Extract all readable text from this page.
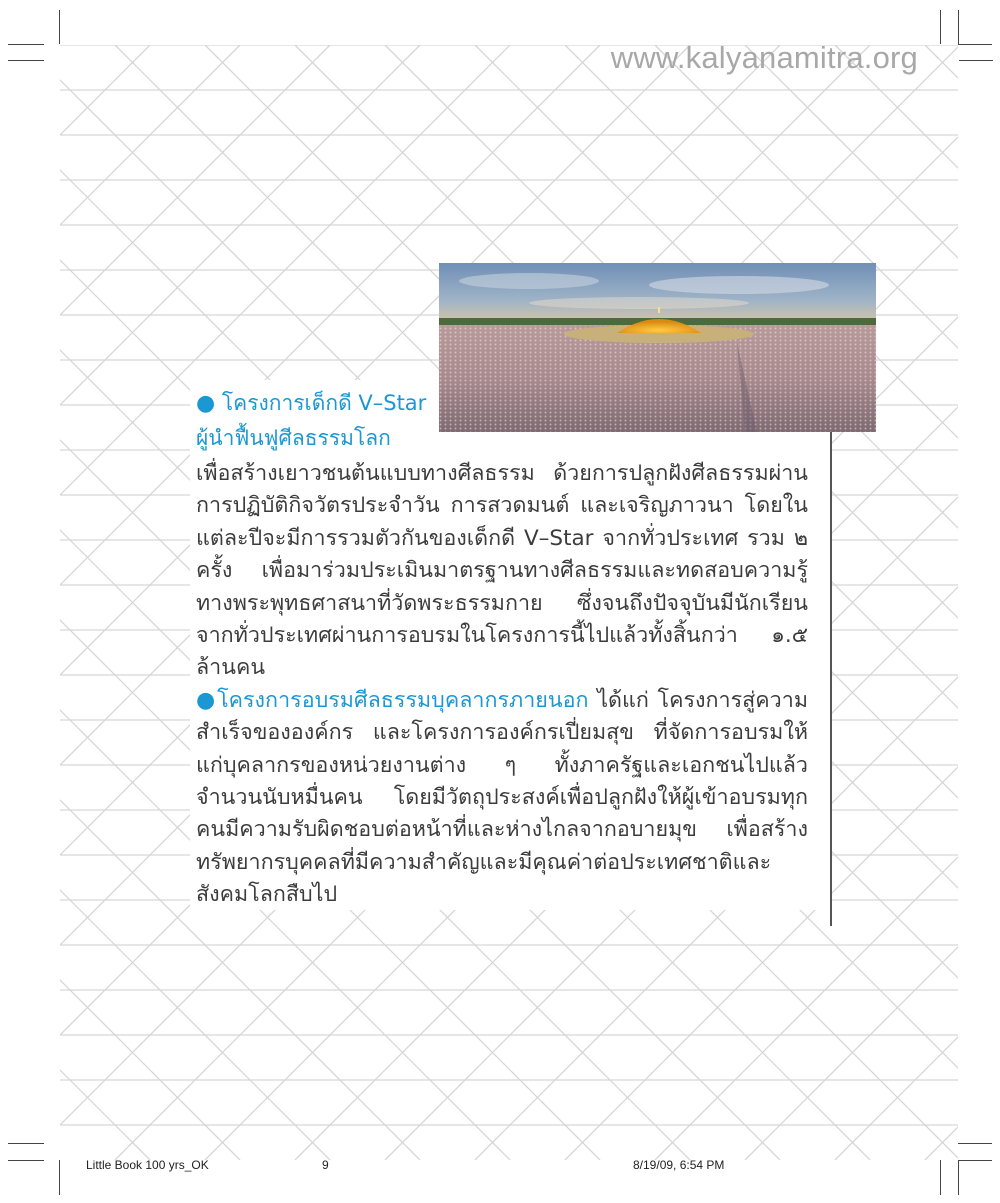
www.kalyanamitra.org
● โครงการเด็กดี V–Star
ผู้นำฟื้นฟูศีลธรรมโลก

เพื่อสร้างเยาวชนต้นแบบทางศีลธรรม ด้วยการปลูกฝังศีลธรรมผ่านการปฏิบัติกิจวัตรประจำวัน การสวดมนต์ และเจริญภาวนา โดยในแต่ละปีจะมีการรวมตัวกันของเด็กดี V–Star จากทั่วประเทศ รวม ๒ ครั้ง เพื่อมาร่วมประเมินมาตรฐานทางศีลธรรมและทดสอบความรู้ทางพระพุทธศาสนาที่วัดพระธรรมกาย ซึ่งจนถึงปัจจุบันมีนักเรียนจากทั่วประเทศผ่านการอบรมในโครงการนี้ไปแล้วทั้งสิ้นกว่า ๑.๕ ล้านคน

●โครงการอบรมศีลธรรมบุคลากรภายนอก ได้แก่ โครงการสู่ความสำเร็จขององค์กร และโครงการองค์กรเปี่ยมสุข ที่จัดการอบรมให้แก่บุคลากรของหน่วยงานต่าง ๆ ทั้งภาครัฐและเอกชนไปแล้วจำนวนนับหมื่นคน โดยมีวัตถุประสงค์เพื่อปลูกฝังให้ผู้เข้าอบรมทุกคนมีความรับผิดชอบต่อหน้าที่และห่างไกลจากอบายมุข เพื่อสร้างทรัพยากรบุคคลที่มีความสำคัญและมีคุณค่าต่อประเทศชาติและสังคมโลกสืบไป

Little Book 100 yrs_OK	9	8/19/09, 6:54 PM
